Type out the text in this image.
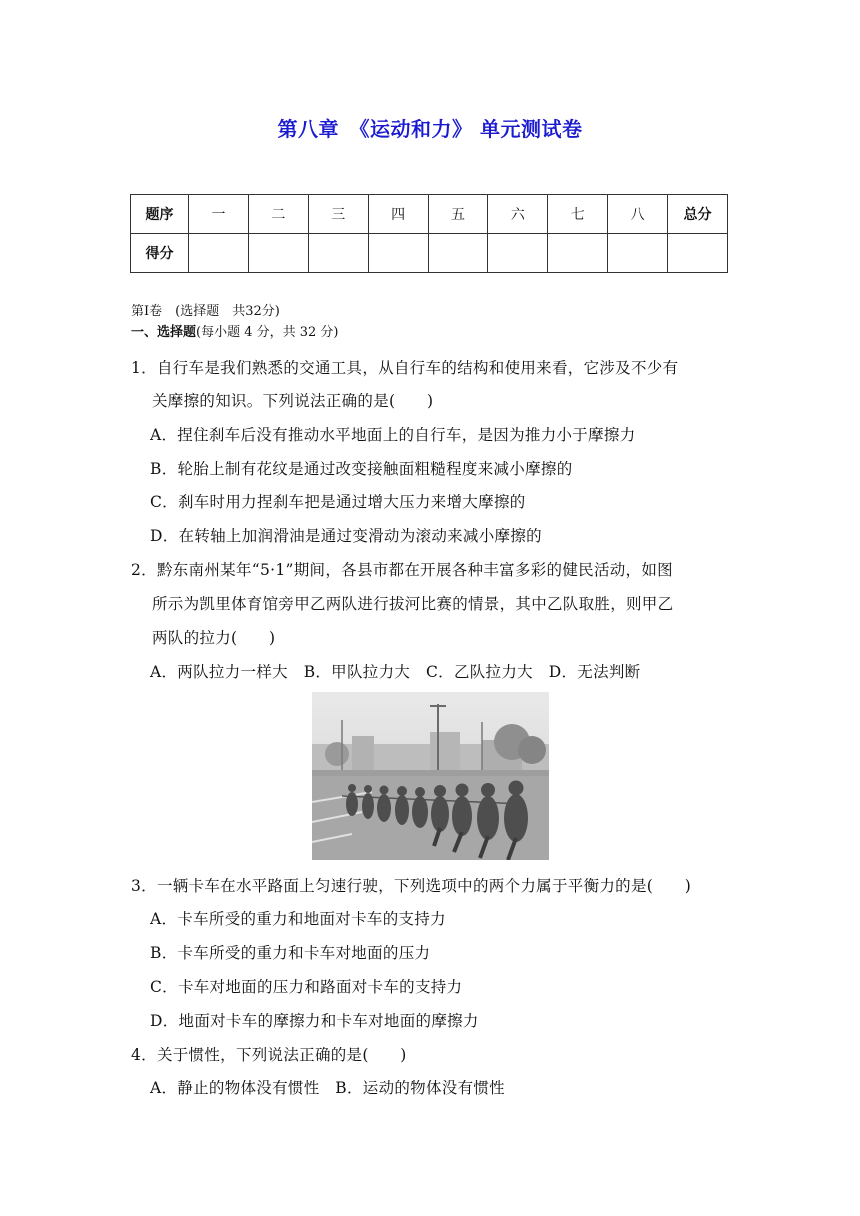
第八章　《运动和力》 单元测试卷
题序	一	二	三	四	五	六	七	八	总分
得分									
第Ⅰ卷　(选择题　共32分)
一、选择题(每小题 4 分，共 32 分)
1．自行车是我们熟悉的交通工具，从自行车的结构和使用来看，它涉及不少有
关摩擦的知识。下列说法正确的是(　　)
A．捏住刹车后没有推动水平地面上的自行车，是因为推力小于摩擦力
B．轮胎上制有花纹是通过改变接触面粗糙程度来减小摩擦的
C．刹车时用力捏刹车把是通过增大压力来增大摩擦的
D．在转轴上加润滑油是通过变滑动为滚动来减小摩擦的
2．黔东南州某年“5·1”期间，各县市都在开展各种丰富多彩的健民活动，如图
所示为凯里体育馆旁甲乙两队进行拔河比赛的情景，其中乙队取胜，则甲乙
两队的拉力(　　)
A．两队拉力一样大　B．甲队拉力大　C．乙队拉力大　D．无法判断
3．一辆卡车在水平路面上匀速行驶，下列选项中的两个力属于平衡力的是(　　)
A．卡车所受的重力和地面对卡车的支持力
B．卡车所受的重力和卡车对地面的压力
C．卡车对地面的压力和路面对卡车的支持力
D．地面对卡车的摩擦力和卡车对地面的摩擦力
4．关于惯性，下列说法正确的是(　　)
A．静止的物体没有惯性　B．运动的物体没有惯性
